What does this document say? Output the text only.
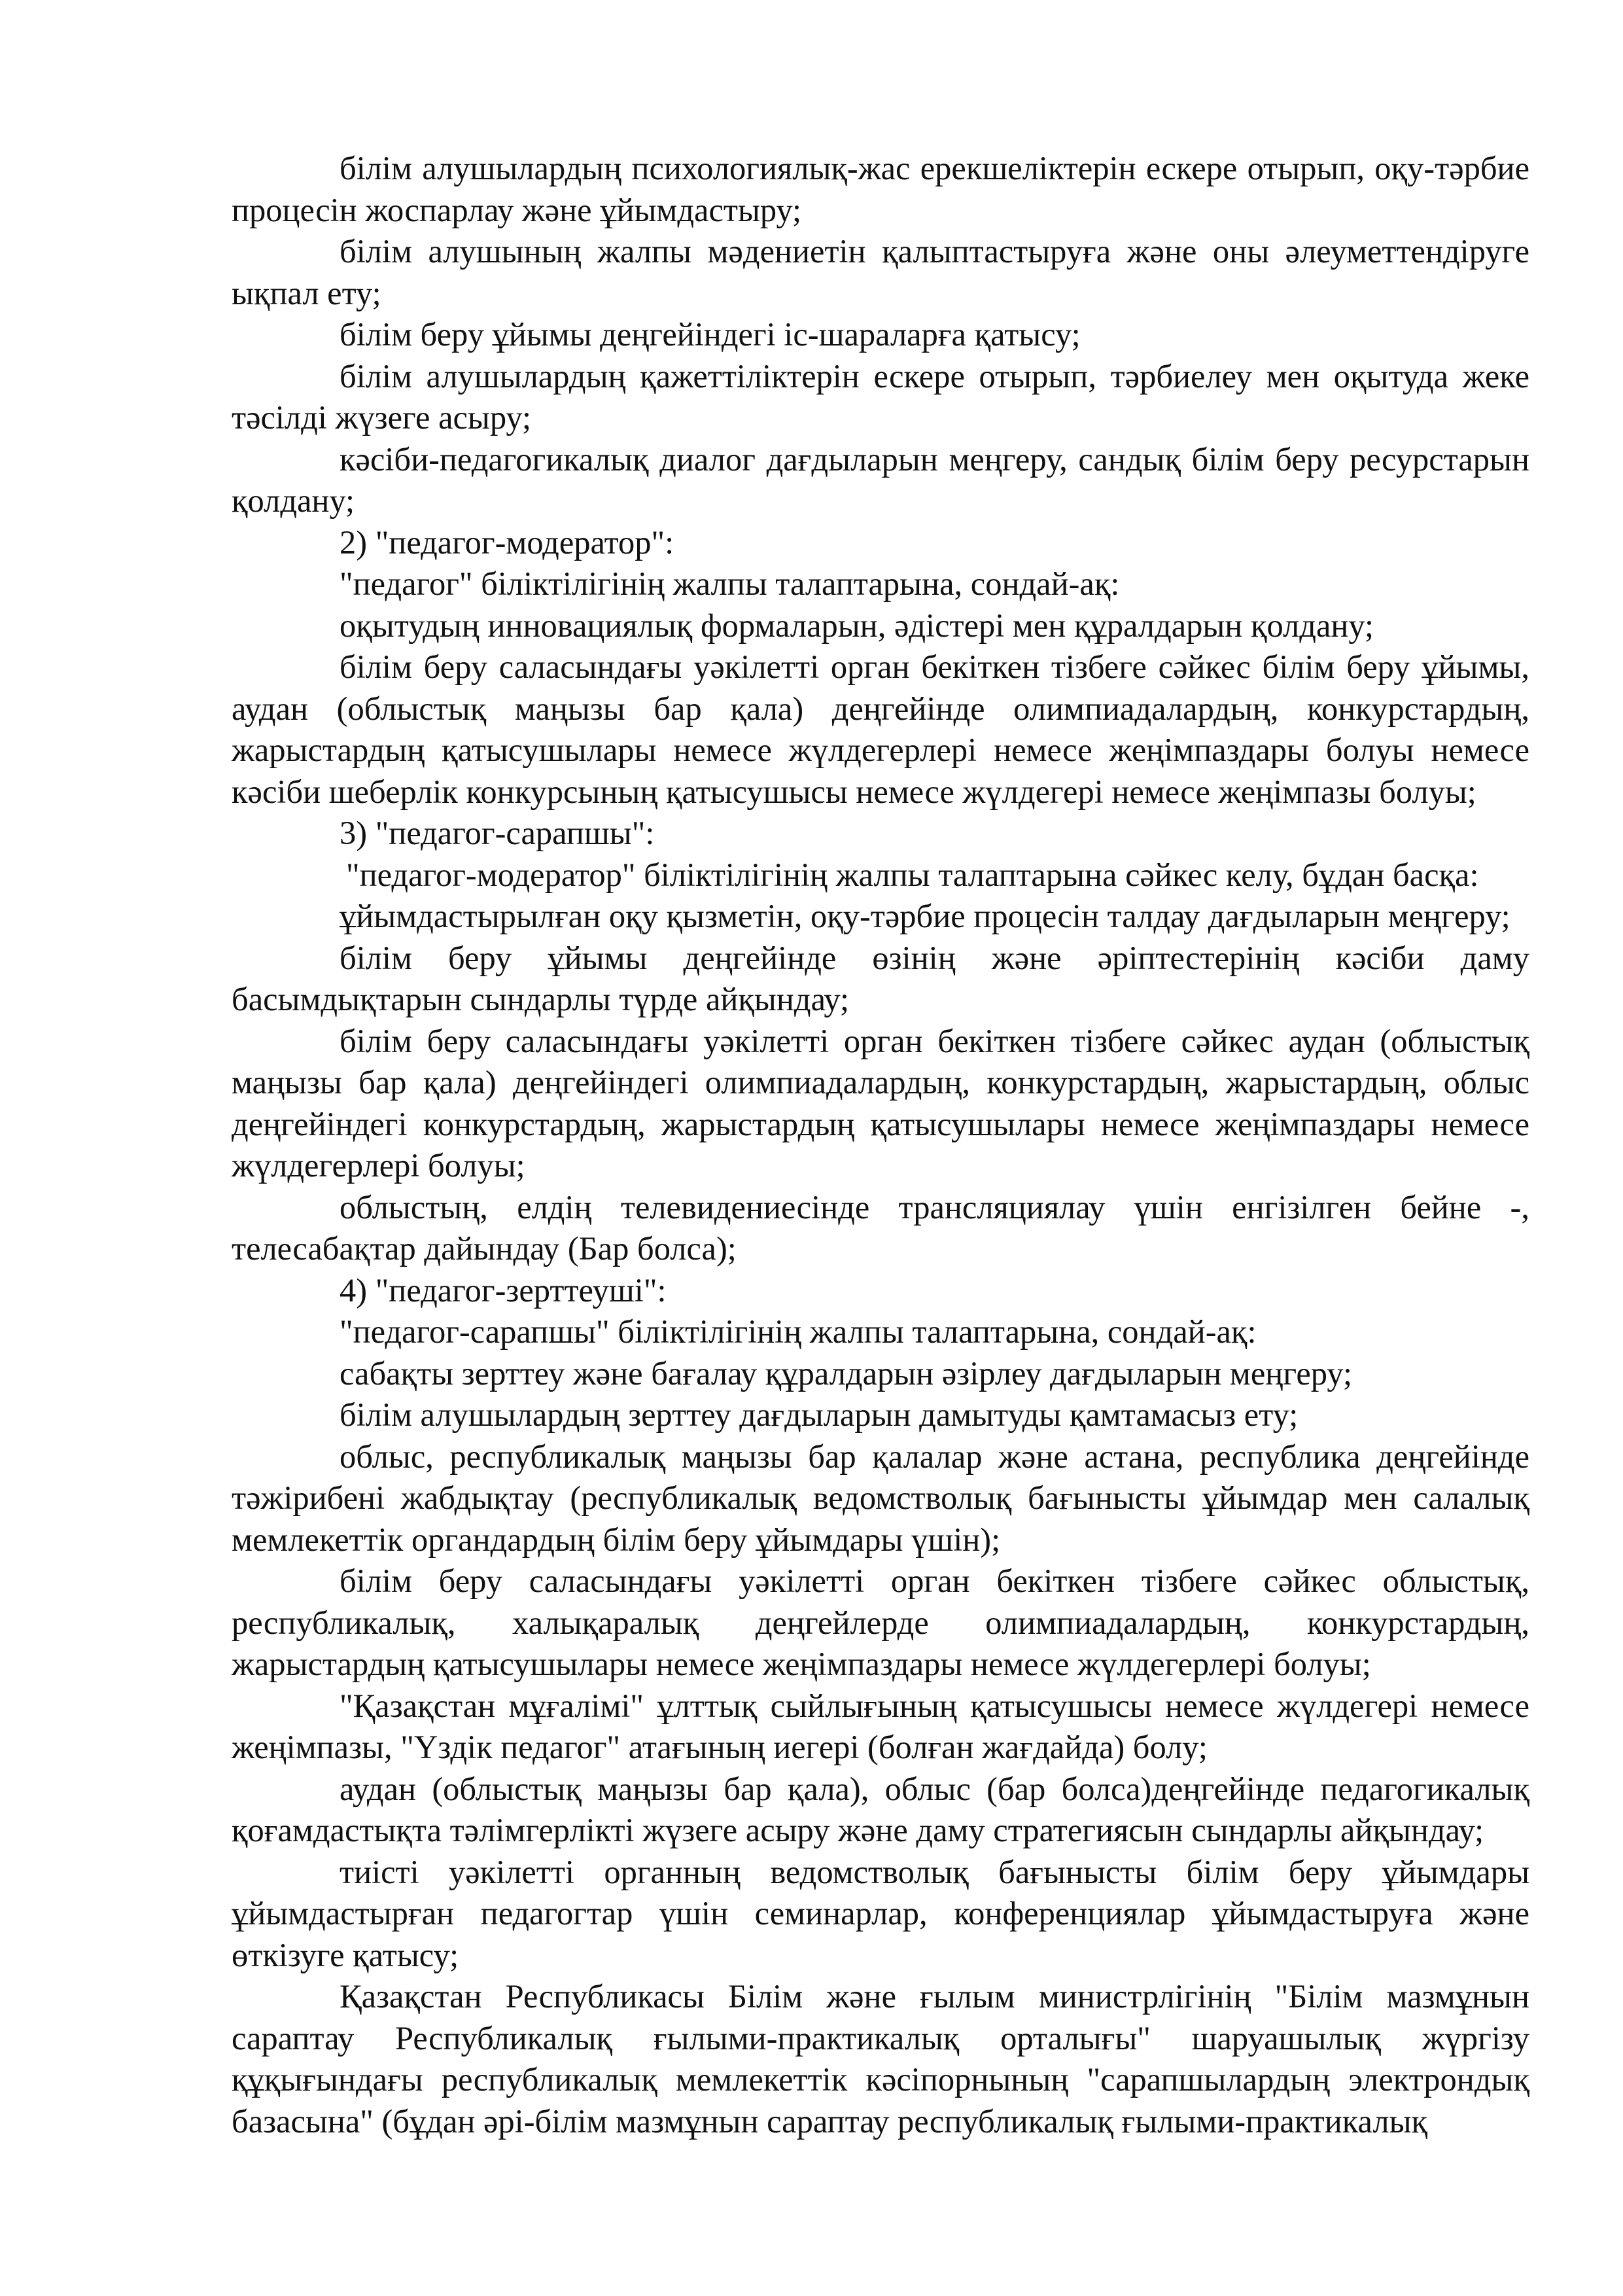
білім алушылардың психологиялық-жас ерекшеліктерін ескере отырып, оқу-тәрбие процесін жоспарлау және ұйымдастыру;

білім алушының жалпы мәдениетін қалыптастыруға және оны әлеуметтендіруге ықпал ету;

білім беру ұйымы деңгейіндегі іс-шараларға қатысу;

білім алушылардың қажеттіліктерін ескере отырып, тәрбиелеу мен оқытуда жеке тәсілді жүзеге асыру;

кәсіби-педагогикалық диалог дағдыларын меңгеру, сандық білім беру ресурстарын қолдану;

2) "педагог-модератор":

"педагог" біліктілігінің жалпы талаптарына, сондай-ақ:

оқытудың инновациялық формаларын, әдістері мен құралдарын қолдану;

білім беру саласындағы уәкілетті орган бекіткен тізбеге сәйкес білім беру ұйымы, аудан (облыстық маңызы бар қала) деңгейінде олимпиадалардың, конкурстардың, жарыстардың қатысушылары немесе жүлдегерлері немесе жеңімпаздары болуы немесе кәсіби шеберлік конкурсының қатысушысы немесе жүлдегері немесе жеңімпазы болуы;

3) "педагог-сарапшы":

"педагог-модератор" біліктілігінің жалпы талаптарына сәйкес келу, бұдан басқа:

ұйымдастырылған оқу қызметін, оқу-тәрбие процесін талдау дағдыларын меңгеру;

білім беру ұйымы деңгейінде өзінің және әріптестерінің кәсіби даму басымдықтарын сындарлы түрде айқындау;

білім беру саласындағы уәкілетті орган бекіткен тізбеге сәйкес аудан (облыстық маңызы бар қала) деңгейіндегі олимпиадалардың, конкурстардың, жарыстардың, облыс деңгейіндегі конкурстардың, жарыстардың қатысушылары немесе жеңімпаздары немесе жүлдегерлері болуы;

облыстың, елдің телевидениесінде трансляциялау үшін енгізілген бейне -, телесабақтар дайындау (Бар болса);

4) "педагог-зерттеуші":

"педагог-сарапшы" біліктілігінің жалпы талаптарына, сондай-ақ:

сабақты зерттеу және бағалау құралдарын әзірлеу дағдыларын меңгеру;

білім алушылардың зерттеу дағдыларын дамытуды қамтамасыз ету;

облыс, республикалық маңызы бар қалалар және астана, республика деңгейінде тәжірибені жабдықтау (республикалық ведомстволық бағынысты ұйымдар мен салалық мемлекеттік органдардың білім беру ұйымдары үшін);

білім беру саласындағы уәкілетті орган бекіткен тізбеге сәйкес облыстық, республикалық, халықаралық деңгейлерде олимпиадалардың, конкурстардың, жарыстардың қатысушылары немесе жеңімпаздары немесе жүлдегерлері болуы;

"Қазақстан мұғалімі" ұлттық сыйлығының қатысушысы немесе жүлдегері немесе жеңімпазы, "Үздік педагог" атағының иегері (болған жағдайда) болу;

аудан (облыстық маңызы бар қала), облыс (бар болса)деңгейінде педагогикалық қоғамдастықта тәлімгерлікті жүзеге асыру және даму стратегиясын сындарлы айқындау;

тиісті уәкілетті органның ведомстволық бағынысты білім беру ұйымдары ұйымдастырған педагогтар үшін семинарлар, конференциялар ұйымдастыруға және өткізуге қатысу;

Қазақстан Республикасы Білім және ғылым министрлігінің "Білім мазмұнын сараптау Республикалық ғылыми-практикалық орталығы" шаруашылық жүргізу құқығындағы республикалық мемлекеттік кәсіпорнының "сарапшылардың электрондық базасына" (бұдан әрі-білім мазмұнын сараптау республикалық ғылыми-практикалық
